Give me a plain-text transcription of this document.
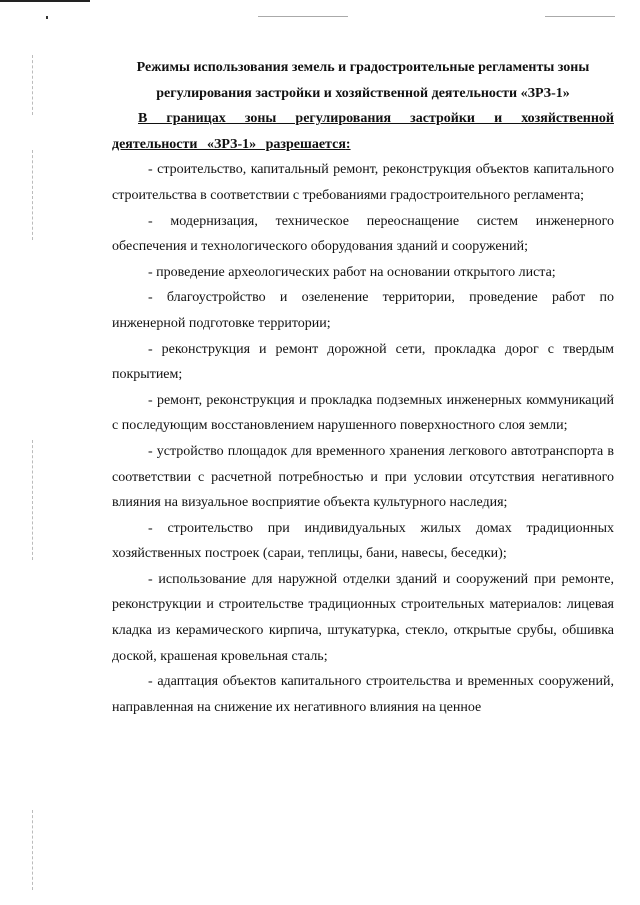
Режимы использования земель и градостроительные регламенты зоны

регулирования застройки и хозяйственной деятельности «ЗРЗ-1»

В границах зоны регулирования застройки и хозяйственной деятельности «ЗРЗ-1» разрешается:

- строительство, капитальный ремонт, реконструкция объектов капитального строительства в соответствии с требованиями градостроительного регламента;

- модернизация, техническое переоснащение систем инженерного обеспечения и технологического оборудования зданий и сооружений;

- проведение археологических работ на основании открытого листа;

- благоустройство и озеленение территории, проведение работ по инженерной подготовке территории;

- реконструкция и ремонт дорожной сети, прокладка дорог с твердым покрытием;

- ремонт, реконструкция и прокладка подземных инженерных коммуникаций с последующим восстановлением нарушенного поверхностного слоя земли;

- устройство площадок для временного хранения легкового автотранспорта в соответствии с расчетной потребностью и при условии отсутствия негативного влияния на визуальное восприятие объекта культурного наследия;

- строительство при индивидуальных жилых домах традиционных хозяйственных построек (сараи, теплицы, бани, навесы, беседки);

- использование для наружной отделки зданий и сооружений при ремонте, реконструкции и строительстве традиционных строительных материалов: лицевая кладка из керамического кирпича, штукатурка, стекло, открытые срубы, обшивка доской, крашеная кровельная сталь;

- адаптация объектов капитального строительства и временных сооружений, направленная на снижение их негативного влияния на ценное
